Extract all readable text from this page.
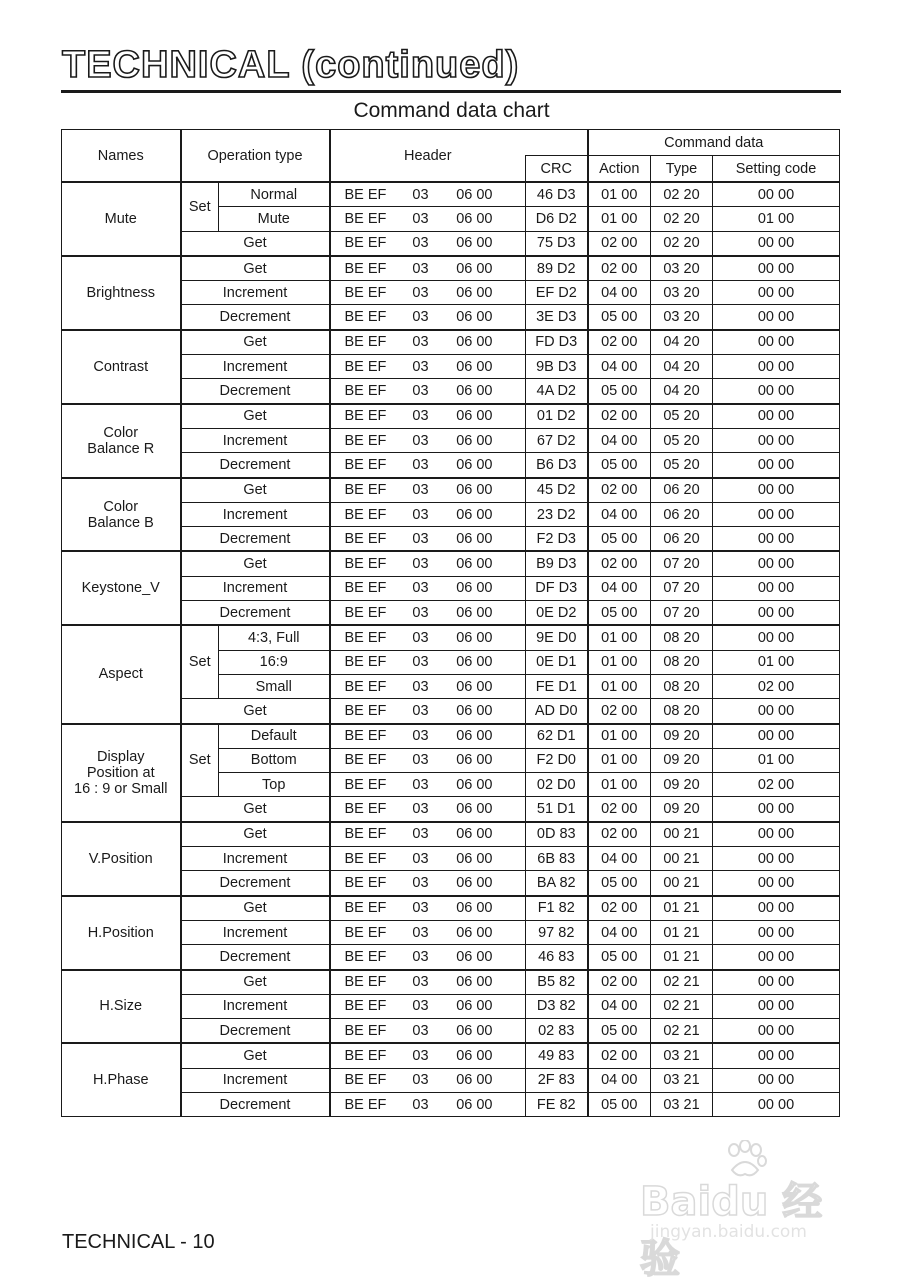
TECHNICAL (continued)
Command data chart
Names	Operation type		Header		Command data		
				CRC	Action	Type	Setting code
Mute	Set	Normal	BE EF 03 06 00	46 D3	01 00	02 20	00 00
		Mute	BE EF 03 06 00	D6 D2	01 00	02 20	01 00
	Get		BE EF 03 06 00	75 D3	02 00	02 20	00 00
Brightness	Get		BE EF 03 06 00	89 D2	02 00	03 20	00 00
	Increment		BE EF 03 06 00	EF D2	04 00	03 20	00 00
	Decrement		BE EF 03 06 00	3E D3	05 00	03 20	00 00
Contrast	Get		BE EF 03 06 00	FD D3	02 00	04 20	00 00
	Increment		BE EF 03 06 00	9B D3	04 00	04 20	00 00
	Decrement		BE EF 03 06 00	4A D2	05 00	04 20	00 00
Color
Balance R	Get		BE EF 03 06 00	01 D2	02 00	05 20	00 00
	Increment		BE EF 03 06 00	67 D2	04 00	05 20	00 00
	Decrement		BE EF 03 06 00	B6 D3	05 00	05 20	00 00
Color
Balance B	Get		BE EF 03 06 00	45 D2	02 00	06 20	00 00
	Increment		BE EF 03 06 00	23 D2	04 00	06 20	00 00
	Decrement		BE EF 03 06 00	F2 D3	05 00	06 20	00 00
Keystone_V	Get		BE EF 03 06 00	B9 D3	02 00	07 20	00 00
	Increment		BE EF 03 06 00	DF D3	04 00	07 20	00 00
	Decrement		BE EF 03 06 00	0E D2	05 00	07 20	00 00
Aspect	Set	4:3, Full	BE EF 03 06 00	9E D0	01 00	08 20	00 00
		16:9	BE EF 03 06 00	0E D1	01 00	08 20	01 00
		Small	BE EF 03 06 00	FE D1	01 00	08 20	02 00
	Get		BE EF 03 06 00	AD D0	02 00	08 20	00 00
Display
Position at
16 : 9 or Small	Set	Default	BE EF 03 06 00	62 D1	01 00	09 20	00 00
		Bottom	BE EF 03 06 00	F2 D0	01 00	09 20	01 00
		Top	BE EF 03 06 00	02 D0	01 00	09 20	02 00
	Get		BE EF 03 06 00	51 D1	02 00	09 20	00 00
V.Position	Get		BE EF 03 06 00	0D 83	02 00	00 21	00 00
	Increment		BE EF 03 06 00	6B 83	04 00	00 21	00 00
	Decrement		BE EF 03 06 00	BA 82	05 00	00 21	00 00
H.Position	Get		BE EF 03 06 00	F1 82	02 00	01 21	00 00
	Increment		BE EF 03 06 00	97 82	04 00	01 21	00 00
	Decrement		BE EF 03 06 00	46 83	05 00	01 21	00 00
H.Size	Get		BE EF 03 06 00	B5 82	02 00	02 21	00 00
	Increment		BE EF 03 06 00	D3 82	04 00	02 21	00 00
	Decrement		BE EF 03 06 00	02 83	05 00	02 21	00 00
H.Phase	Get		BE EF 03 06 00	49 83	02 00	03 21	00 00
	Increment		BE EF 03 06 00	2F 83	04 00	03 21	00 00
	Decrement		BE EF 03 06 00	FE 82	05 00	03 21	00 00
TECHNICAL - 10
Baidu 经验
jingyan.baidu.com
